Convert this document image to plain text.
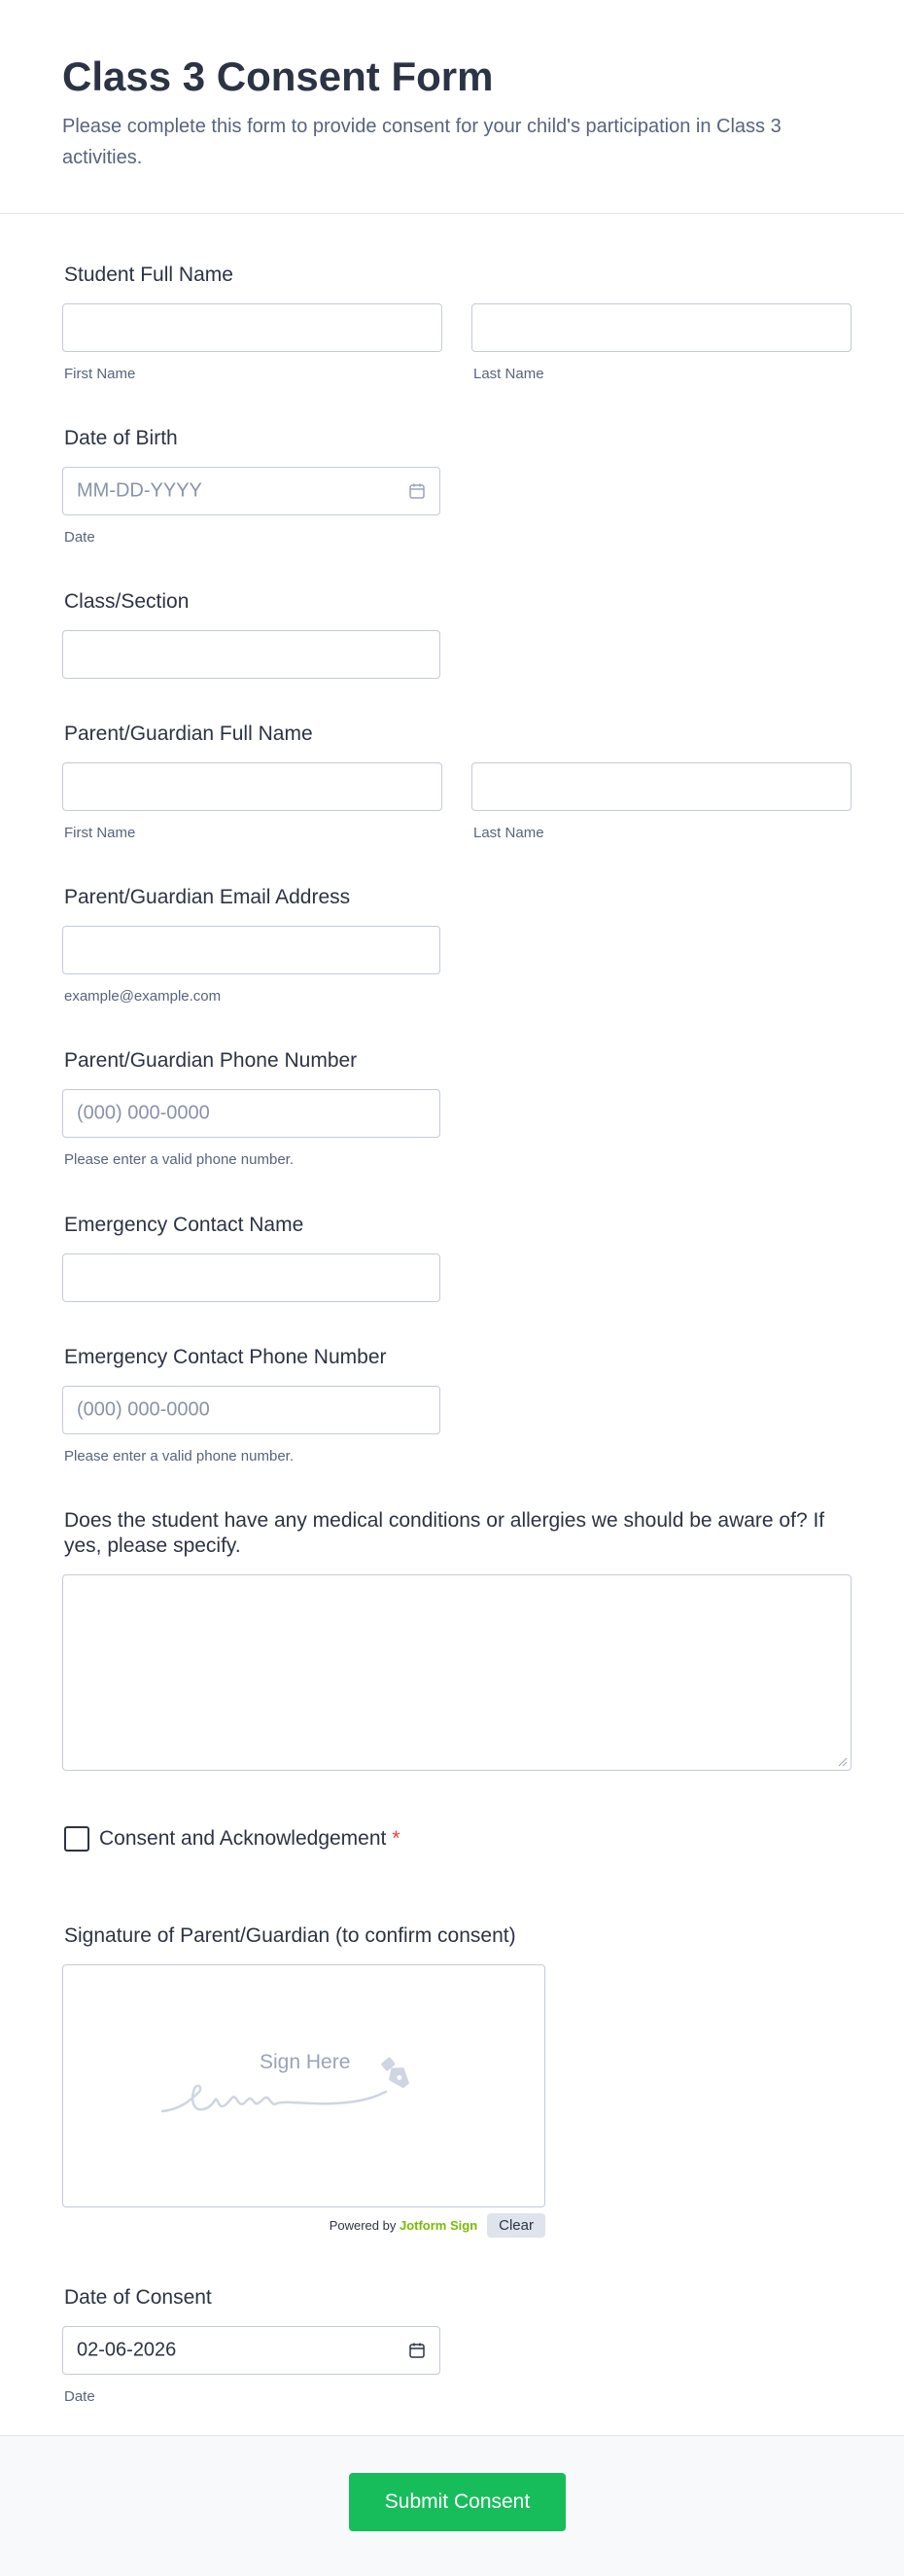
Class 3 Consent Form
Please complete this form to provide consent for your child's participation in Class 3 activities.
Student Full Name
First Name	Last Name
Date of Birth
MM-DD-YYYY
Date
Class/Section
Parent/Guardian Full Name
First Name	Last Name
Parent/Guardian Email Address
example@example.com
Parent/Guardian Phone Number
(000) 000-0000
Please enter a valid phone number.
Emergency Contact Name
Emergency Contact Phone Number
(000) 000-0000
Please enter a valid phone number.
Does the student have any medical conditions or allergies we should be aware of? If yes, please specify.
Consent and Acknowledgement *
Signature of Parent/Guardian (to confirm consent)
Sign Here
Powered by Jotform Sign	Clear
Date of Consent
02-06-2026
Date
Submit Consent
